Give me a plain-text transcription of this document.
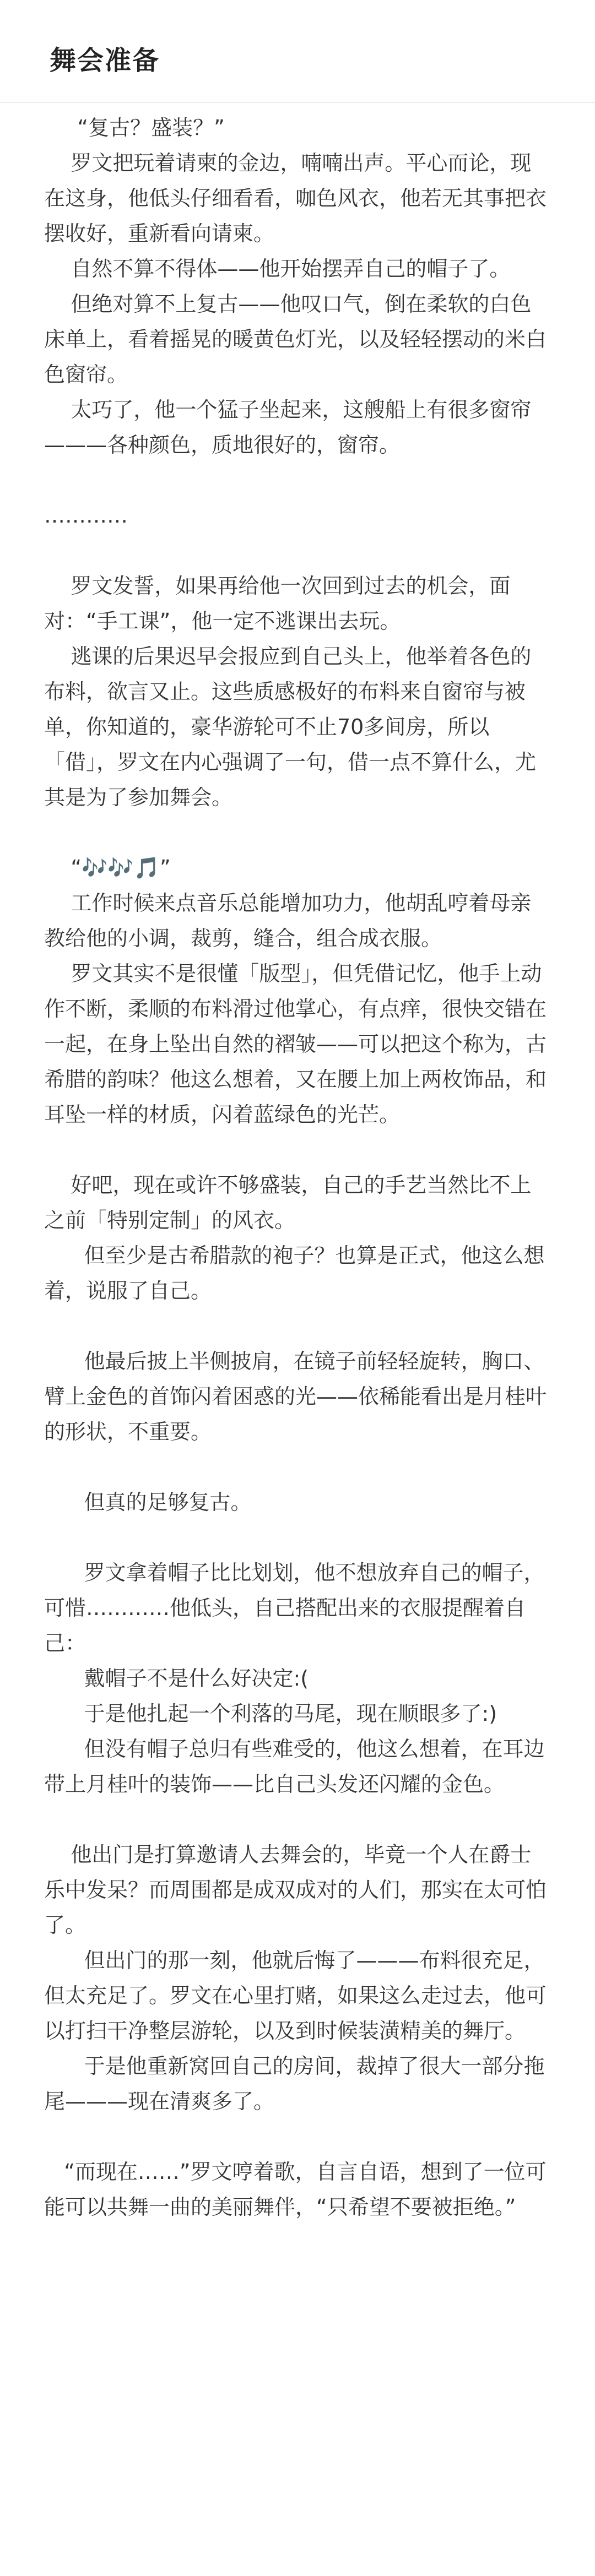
舞会准备

“复古？盛装？”

罗文把玩着请柬的金边，喃喃出声。平心而论，现在这身，他低头仔细看看，咖色风衣，他若无其事把衣摆收好，重新看向请柬。

自然不算不得体——他开始摆弄自己的帽子了。

但绝对算不上复古——他叹口气，倒在柔软的白色床单上，看着摇晃的暖黄色灯光，以及轻轻摆动的米白色窗帘。

太巧了，他一个猛子坐起来，这艘船上有很多窗帘———各种颜色，质地很好的，窗帘。

…………

罗文发誓，如果再给他一次回到过去的机会，面对：“手工课”，他一定不逃课出去玩。

逃课的后果迟早会报应到自己头上，他举着各色的布料，欲言又止。这些质感极好的布料来自窗帘与被单，你知道的，豪华游轮可不止70多间房，所以「借」，罗文在内心强调了一句，借一点不算什么，尤其是为了参加舞会。

“🎶🎶🎵”

工作时候来点音乐总能增加功力，他胡乱哼着母亲教给他的小调，裁剪，缝合，组合成衣服。

罗文其实不是很懂「版型」，但凭借记忆，他手上动作不断，柔顺的布料滑过他掌心，有点痒，很快交错在一起，在身上坠出自然的褶皱——可以把这个称为，古希腊的韵味？他这么想着，又在腰上加上两枚饰品，和耳坠一样的材质，闪着蓝绿色的光芒。

好吧，现在或许不够盛装，自己的手艺当然比不上之前「特别定制」的风衣。

但至少是古希腊款的袍子？也算是正式，他这么想着，说服了自己。

他最后披上半侧披肩，在镜子前轻轻旋转，胸口、臂上金色的首饰闪着困惑的光——依稀能看出是月桂叶的形状，不重要。

但真的足够复古。

罗文拿着帽子比比划划，他不想放弃自己的帽子，可惜…………他低头，自己搭配出来的衣服提醒着自己：

戴帽子不是什么好决定:(

于是他扎起一个利落的马尾，现在顺眼多了:)

但没有帽子总归有些难受的，他这么想着，在耳边带上月桂叶的装饰——比自己头发还闪耀的金色。

他出门是打算邀请人去舞会的，毕竟一个人在爵士乐中发呆？而周围都是成双成对的人们，那实在太可怕了。

但出门的那一刻，他就后悔了———布料很充足，但太充足了。罗文在心里打赌，如果这么走过去，他可以打扫干净整层游轮，以及到时候装潢精美的舞厅。

于是他重新窝回自己的房间，裁掉了很大一部分拖尾———现在清爽多了。

“而现在……”罗文哼着歌，自言自语，想到了一位可能可以共舞一曲的美丽舞伴，“只希望不要被拒绝。”
